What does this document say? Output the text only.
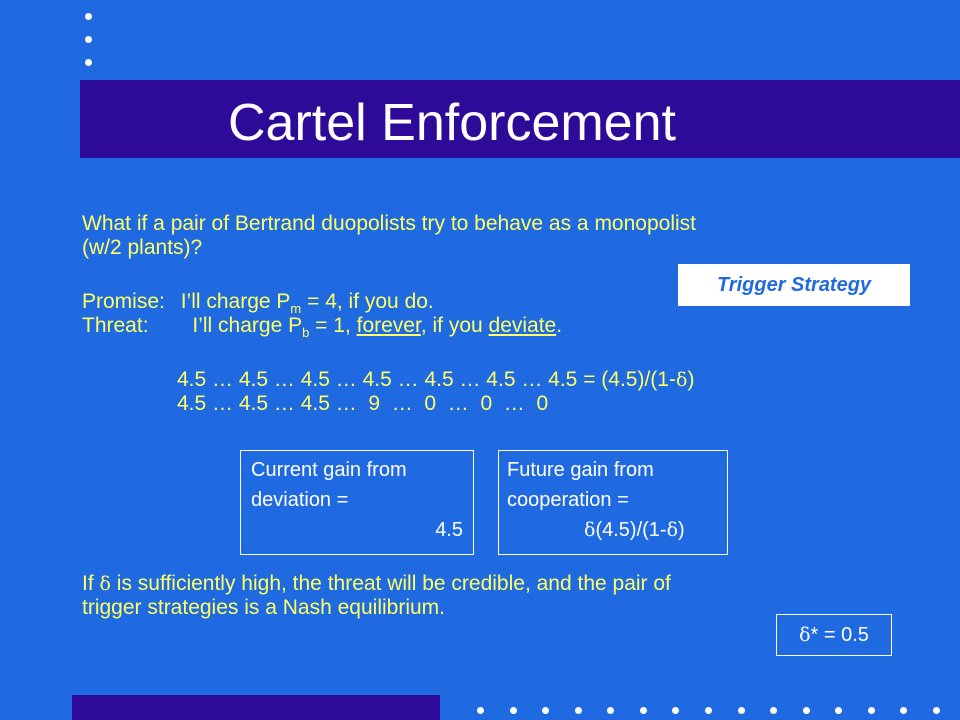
Cartel Enforcement
What if a pair of Bertrand duopolists try to behave as a monopolist
(w/2 plants)?
Promise: I’ll charge $P_m = 4$, if you do.
Threat: I’ll charge $P_b = 1$, forever, if you deviate.
Trigger Strategy
4.5 … 4.5 … 4.5 … 4.5 … 4.5 … 4.5 … 4.5 = (4.5)/(1-δ)
4.5 … 4.5 … 4.5 …  9  …  0  …  0  …  0
Current gain from
deviation =
4.5
Future gain from
cooperation =
δ(4.5)/(1-δ)
If δ is sufficiently high, the threat will be credible, and the pair of
trigger strategies is a Nash equilibrium.
δ * = 0.5
